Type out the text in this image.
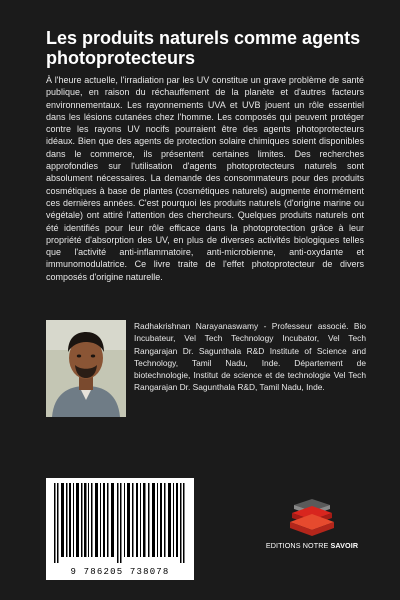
Les produits naturels comme agents photoprotecteurs

À l'heure actuelle, l'irradiation par les UV constitue un grave problème de santé publique, en raison du réchauffement de la planète et d'autres facteurs environnementaux. Les rayonnements UVA et UVB jouent un rôle essentiel dans les lésions cutanées chez l'homme. Les composés qui peuvent protéger contre les rayons UV nocifs pourraient être des agents photoprotecteurs idéaux. Bien que des agents de protection solaire chimiques soient disponibles dans le commerce, ils présentent certaines limites. Des recherches approfondies sur l'utilisation d'agents photoprotecteurs naturels sont absolument nécessaires. La demande des consommateurs pour des produits cosmétiques à base de plantes (cosmétiques naturels) augmente énormément ces dernières années. C'est pourquoi les produits naturels (d'origine marine ou végétale) ont attiré l'attention des chercheurs. Quelques produits naturels ont été identifiés pour leur rôle efficace dans la photoprotection grâce à leur propriété d'absorption des UV, en plus de diverses activités biologiques telles que l'activité anti-inflammatoire, anti-microbienne, anti-oxydante et immunomodulatrice. Ce livre traite de l'effet photoprotecteur de divers composés d'origine naturelle.

Radhakrishnan Narayanaswamy - Professeur associé. Bio Incubateur, Vel Tech Technology Incubator, Vel Tech Rangarajan Dr. Sagunthala R&D Institute of Science and Technology, Tamil Nadu, Inde. Département de biotechnologie, Institut de science et de technologie Vel Tech Rangarajan Dr. Sagunthala R&D, Tamil Nadu, Inde.

9 786205 738078
EDITIONS NOTRE SAVOIR
